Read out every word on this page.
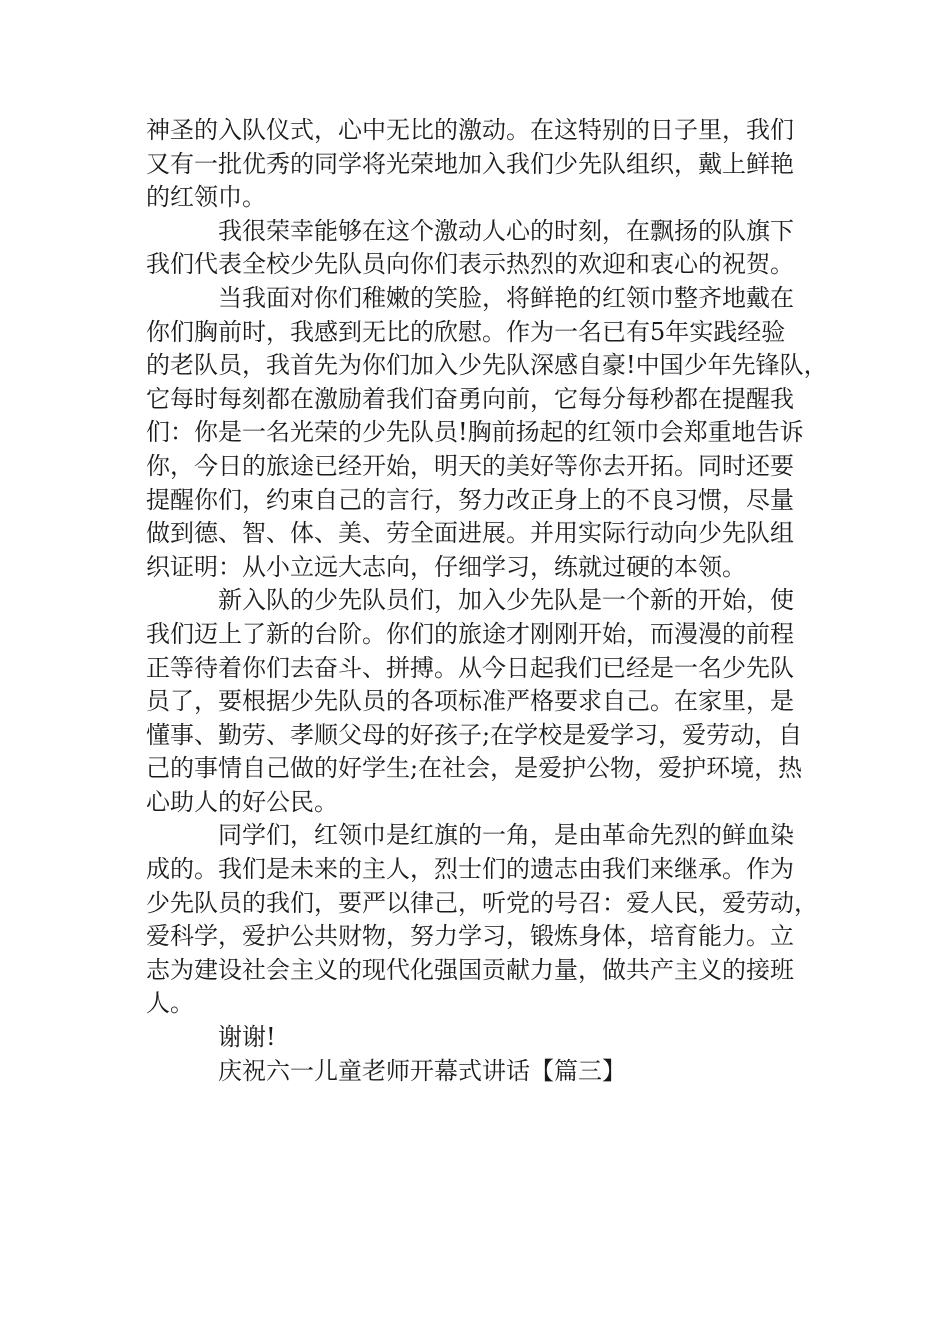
神圣的入队仪式，心中无比的激动。在这特别的日子里，我们
又有一批优秀的同学将光荣地加入我们少先队组织，戴上鲜艳
的红领巾。
我很荣幸能够在这个激动人心的时刻，在飘扬的队旗下
我们代表全校少先队员向你们表示热烈的欢迎和衷心的祝贺。
当我面对你们稚嫩的笑脸，将鲜艳的红领巾整齐地戴在
你们胸前时，我感到无比的欣慰。作为一名已有5年实践经验
的老队员，我首先为你们加入少先队深感自豪!中国少年先锋队，
它每时每刻都在激励着我们奋勇向前，它每分每秒都在提醒我
们：你是一名光荣的少先队员!胸前扬起的红领巾会郑重地告诉
你，今日的旅途已经开始，明天的美好等你去开拓。同时还要
提醒你们，约束自己的言行，努力改正身上的不良习惯，尽量
做到德、智、体、美、劳全面进展。并用实际行动向少先队组
织证明：从小立远大志向，仔细学习，练就过硬的本领。
新入队的少先队员们，加入少先队是一个新的开始，使
我们迈上了新的台阶。你们的旅途才刚刚开始，而漫漫的前程
正等待着你们去奋斗、拼搏。从今日起我们已经是一名少先队
员了，要根据少先队员的各项标准严格要求自己。在家里，是
懂事、勤劳、孝顺父母的好孩子;在学校是爱学习，爱劳动，自
己的事情自己做的好学生;在社会，是爱护公物，爱护环境，热
心助人的好公民。
同学们，红领巾是红旗的一角，是由革命先烈的鲜血染
成的。我们是未来的主人，烈士们的遗志由我们来继承。作为
少先队员的我们，要严以律己，听党的号召：爱人民，爱劳动，
爱科学，爱护公共财物，努力学习，锻炼身体，培育能力。立
志为建设社会主义的现代化强国贡献力量，做共产主义的接班
人。
谢谢!
庆祝六一儿童老师开幕式讲话【篇三】
